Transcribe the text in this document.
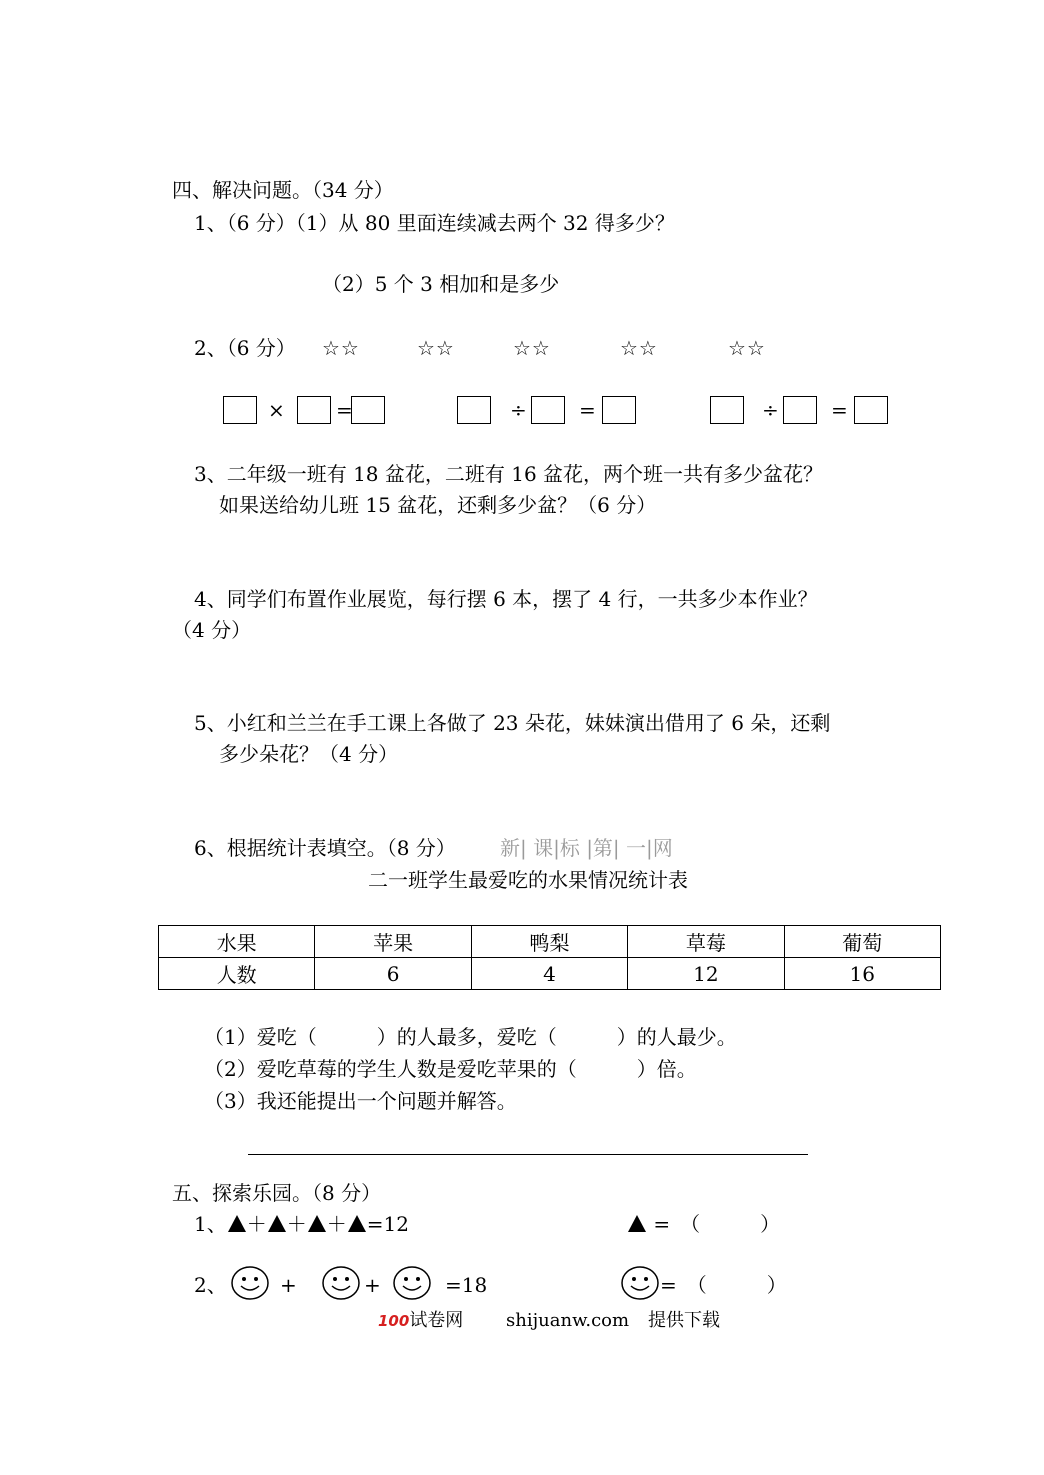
四、解决问题。（34 分）
1、（6 分）（1）从 80 里面连续减去两个 32 得多少？
（2）5 个 3 相加和是多少
2、（6 分） ☆☆	☆☆	☆☆	☆☆	☆☆
×	=	÷	=	÷	=
3、二年级一班有 18 盆花，二班有 16 盆花，两个班一共有多少盆花？
如果送给幼儿班 15 盆花，还剩多少盆？（6 分）
4、同学们布置作业展览，每行摆 6 本，摆了 4 行，一共多少本作业？
（4 分）
5、小红和兰兰在手工课上各做了 23 朵花，妹妹演出借用了 6 朵，还剩
多少朵花？（4 分）
6、根据统计表填空。（8 分） 新| 课|标 |第| 一|网
二一班学生最爱吃的水果情况统计表
水果	苹果	鸭梨	草莓	葡萄
人数	6	4	12	16
（1）爱吃（　　　）的人最多，爱吃（　　　）的人最少。
（2）爱吃草莓的学生人数是爱吃苹果的（　　　）倍。
（3）我还能提出一个问题并解答。
五、探索乐园。（8 分）
1、 ＋ ＋ ＋ =12	=　（　　　）
2、	+	+	=18	=　（　　　）
100试卷网 shijuanw.com 提供下载
